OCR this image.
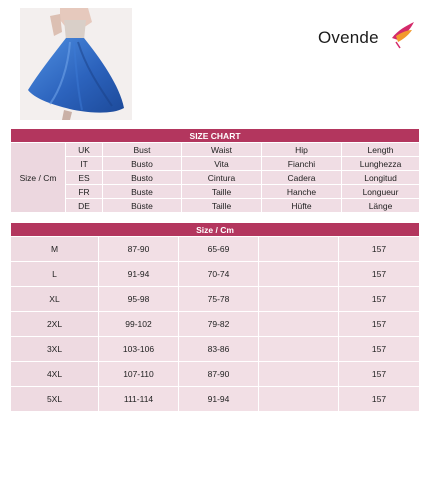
Ovende
SIZE CHART					
Size / Cm	UK	Bust	Waist	Hip	Length
	IT	Busto	Vita	Fianchi	Lunghezza
	ES	Busto	Cintura	Cadera	Longitud
	FR	Buste	Taille	Hanche	Longueur
	DE	Büste	Taille	Hüfte	Länge
Size / Cm				
M	87-90	65-69		157
L	91-94	70-74		157
XL	95-98	75-78		157
2XL	99-102	79-82		157
3XL	103-106	83-86		157
4XL	107-110	87-90		157
5XL	111-114	91-94		157
